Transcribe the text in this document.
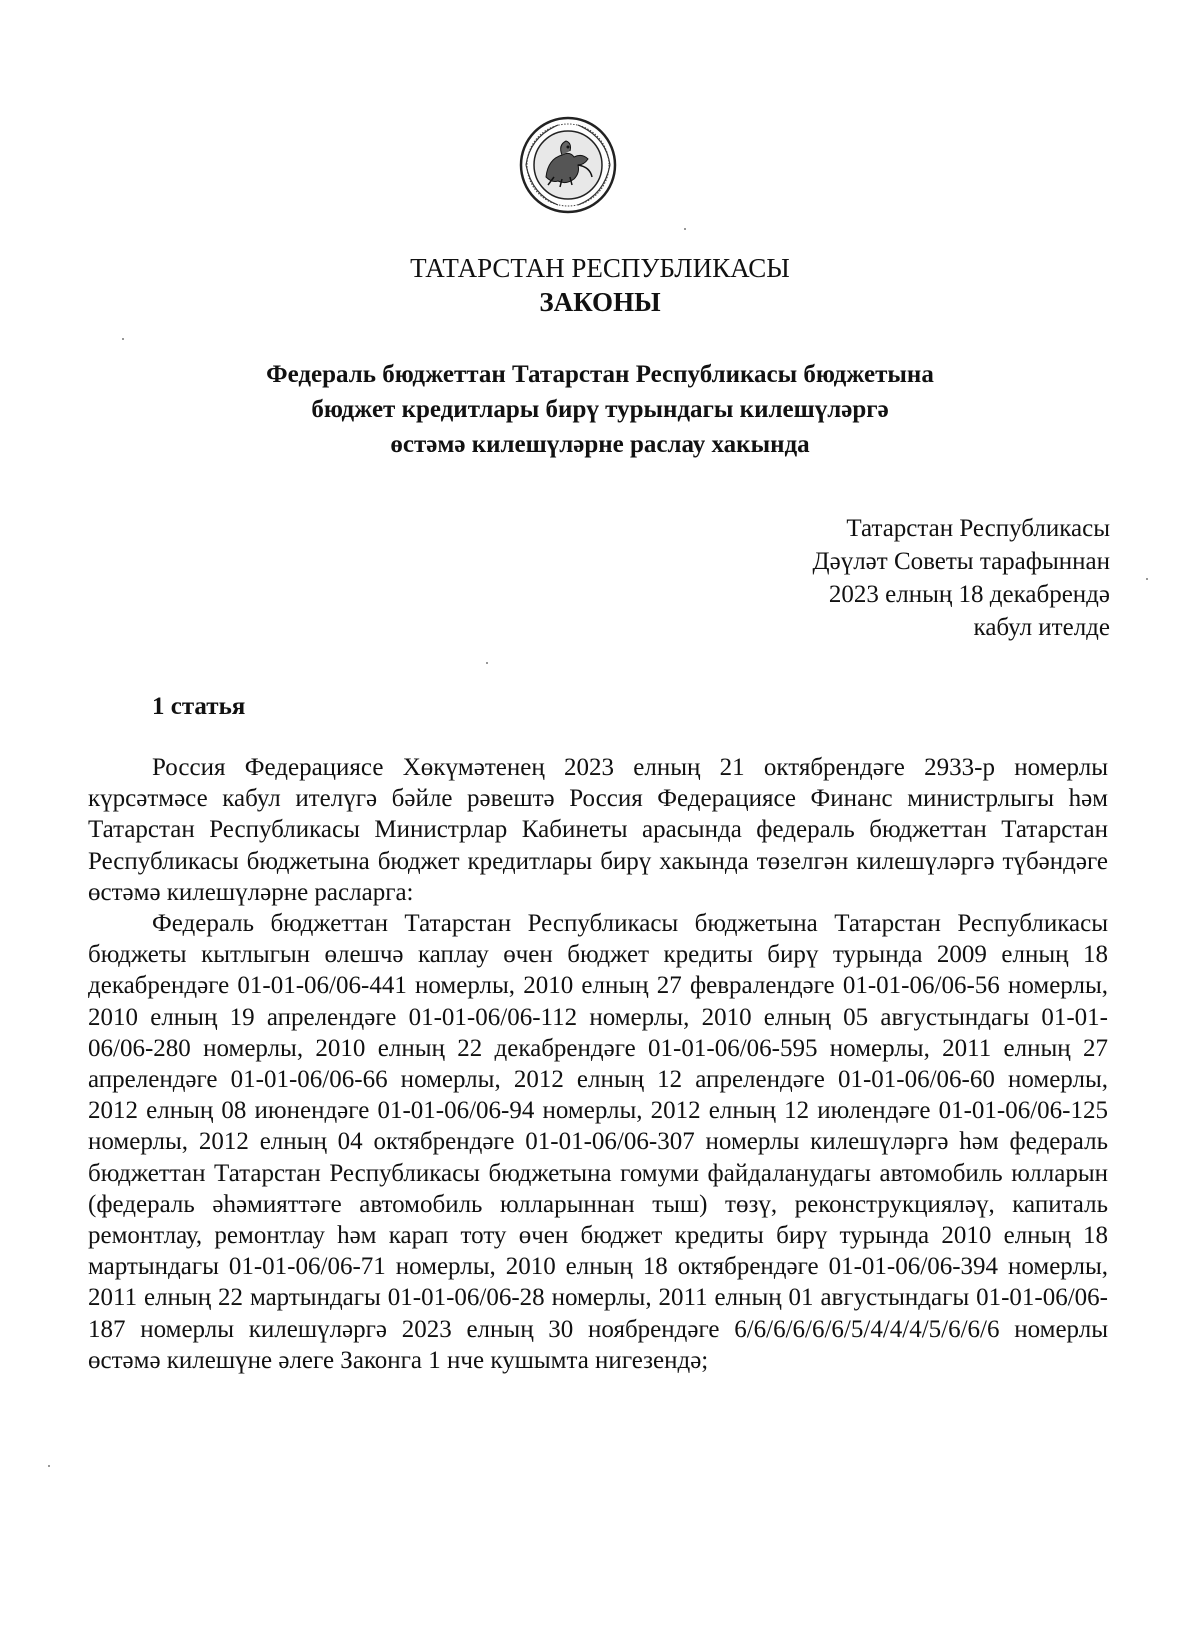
ТАТАРСТАН РЕСПУБЛИКАСЫ
ЗАКОНЫ
Федераль бюджеттан Татарстан Республикасы бюджетына
бюджет кредитлары бирү турындагы килешүләргә
өстәмә килешүләрне раслау хакында
Татарстан Республикасы
Дәүләт Советы тарафыннан
2023 елның 18 декабрендә
кабул ителде
1 статья

Россия Федерациясе Хөкүмәтенең 2023 елның 21 октябрендәге 2933-р номерлы күрсәтмәсе кабул ителүгә бәйле рәвештә Россия Федерациясе Финанс министрлыгы һәм Татарстан Республикасы Министрлар Кабинеты арасында федераль бюджеттан Татарстан Республикасы бюджетына бюджет кредитлары бирү хакында төзелгән килешүләргә түбәндәге өстәмә килешүләрне расларга:

Федераль бюджеттан Татарстан Республикасы бюджетына Татарстан Республикасы бюджеты кытлыгын өлешчә каплау өчен бюджет кредиты бирү турында 2009 елның 18 декабрендәге 01-01-06/06-441 номерлы, 2010 елның 27 февралендәге 01-01-06/06-56 номерлы, 2010 елның 19 апрелендәге 01-01-06/06-112 номерлы, 2010 елның 05 августындагы 01-01-06/06-280 номерлы, 2010 елның 22 декабрендәге 01-01-06/06-595 номерлы, 2011 елның 27 апрелендәге 01-01-06/06-66 номерлы, 2012 елның 12 апрелендәге 01-01-06/06-60 номерлы, 2012 елның 08 июнендәге 01-01-06/06-94 номерлы, 2012 елның 12 июлендәге 01-01-06/06-125 номерлы, 2012 елның 04 октябрендәге 01-01-06/06-307 номерлы килешүләргә һәм федераль бюджеттан Татарстан Республикасы бюджетына гомуми файдаланудагы автомобиль юлларын (федераль әһәмияттәге автомобиль юлларыннан тыш) төзү, реконструкцияләү, капиталь ремонтлау, ремонтлау һәм карап тоту өчен бюджет кредиты бирү турында 2010 елның 18 мартындагы 01-01-06/06-71 номерлы, 2010 елның 18 октябрендәге 01-01-06/06-394 номерлы, 2011 елның 22 мартындагы 01-01-06/06-28 номерлы, 2011 елның 01 августындагы 01-01-06/06-187 номерлы килешүләргә 2023 елның 30 ноябрендәге 6/6/6/6/6/6/5/4/4/4/5/6/6/6 номерлы өстәмә килешүне әлеге Законга 1 нче кушымта нигезендә;
